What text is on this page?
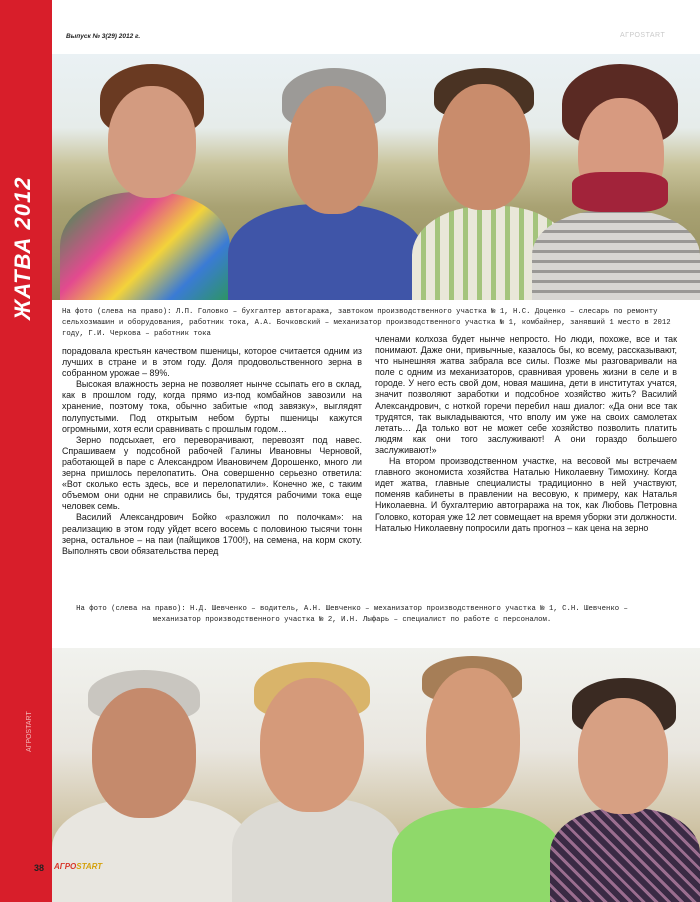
ЖАТВА 2012
АГРОSTART
Выпуск № 3(29) 2012 г.	АГРОSTART
На фото (слева на право): Л.П. Головко – бухгалтер автогаража, завтоком производственного участка № 1, Н.С. Доценко – слесарь по ремонту сельхозмашин и оборудования, работник тока, А.А. Бочковский – механизатор производственного участка № 1, комбайнер, занявший 1 место в 2012 году, Г.И. Черкова – работник тока

порадовала крестьян качеством пшеницы, которое считается одним из лучших в стране и в этом году. Доля продовольственного зерна в собранном урожае – 89%.

Высокая влажность зерна не позволяет нынче ссыпать его в склад, как в прошлом году, когда прямо из-под комбайнов завозили на хранение, поэтому тока, обычно забитые «под завязку», выглядят полупустыми. Под открытым небом бурты пшеницы кажутся огромными, хотя если сравнивать с прошлым годом…

Зерно подсыхает, его переворачивают, перевозят под навес. Спрашиваем у подсобной рабочей Галины Ивановны Черновой, работающей в паре с Александром Ивановичем Дорошенко, много ли зерна пришлось перелопатить. Она совершенно серьезно ответила: «Вот сколько есть здесь, все и перелопатили». Конечно же, с таким объемом они одни не справились бы, трудятся рабочими тока еще человек семь.

Василий Александрович Бойко «разложил по полочкам»: на реализацию в этом году уйдет всего восемь с половиною тысячи тонн зерна, остальное – на паи (пайщиков 1700!), на семена, на корм скоту. Выполнять свои обязательства перед

членами колхоза будет нынче непросто. Но люди, похоже, все и так понимают. Даже они, привычные, казалось бы, ко всему, рассказывают, что нынешняя жатва забрала все силы. Позже мы разговаривали на поле с одним из механизаторов, сравнивая уровень жизни в селе и в городе. У него есть свой дом, новая машина, дети в институтах учатся, значит позволяют заработки и подсобное хозяйство жить? Василий Александрович, с ноткой горечи перебил наш диалог: «Да они все так трудятся, так выкладываются, что вполу им уже на своих самолетах летать… Да только вот не может себе хозяйство позволить платить людям как они того заслуживают! А они гораздо большего заслуживают!»

На втором производственном участке, на весовой мы встречаем главного экономиста хозяйства Наталью Николаевну Тимохину. Когда идет жатва, главные специалисты традиционно в ней участвуют, поменяв кабинеты в правлении на весовую, к примеру, как Наталья Николаевна. И бухгалтерию автограража на ток, как Любовь Петровна Головко, которая уже 12 лет совмещает на время уборки эти должности. Наталью Николаевну попросили дать прогноз – как цена на зерно

На фото (слева на право): Н.Д. Шевченко – водитель, А.Н. Шевченко – механизатор производственного участка № 1, С.Н. Шевченко – механизатор производственного участка № 2, И.Н. Лыфарь – специалист по работе с персоналом.
38 АГРОSTART
